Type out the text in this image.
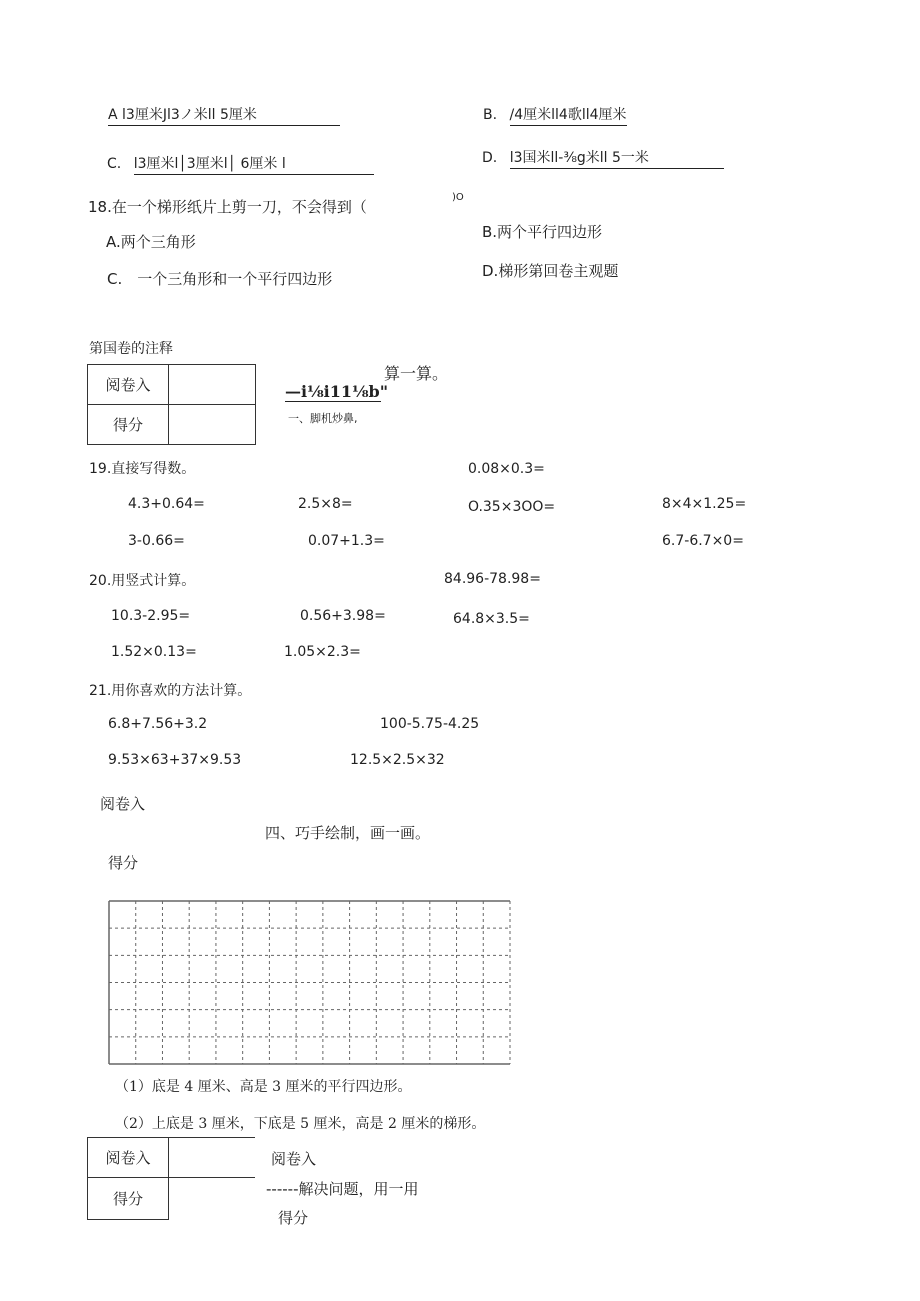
A l3厘米Jl3ノ米ll 5厘米	B. /4厘米ll4歌ll4厘米
C. l3厘米l│3厘米l│ 6厘米 l	D. l3国米ll-⅜g米ll 5一米
18.在一个梯形纸片上剪一刀，不会得到（
)O
A.两个三角形
B.两个平行四边形
C.　一个三角形和一个平行四边形	D.梯形第回卷主观题
第国卷的注释
阅卷入	
得分	
—i⅛i11⅛b"
算一算。
一、脚机炒鼻,
19.直接写得数。	0.08×0.3=
4.3+0.64=	2.5×8=	O.35×3OO=	8×4×1.25=
3-0.66=	0.07+1.3=	6.7-6.7×0=
20.用竖式计算。	84.96-78.98=
10.3-2.95=	0.56+3.98=	64.8×3.5=
1.52×0.13=	1.05×2.3=
21.用你喜欢的方法计算。
6.8+7.56+3.2	100-5.75-4.25
9.53×63+37×9.53	12.5×2.5×32
阅卷入
四、巧手绘制，画一画。
得分
（1）底是 4 厘米、高是 3 厘米的平行四边形。
（2）上底是 3 厘米，下底是 5 厘米，高是 2 厘米的梯形。
阅卷入	
得分	
阅卷入
------解决问题，用一用
得分
